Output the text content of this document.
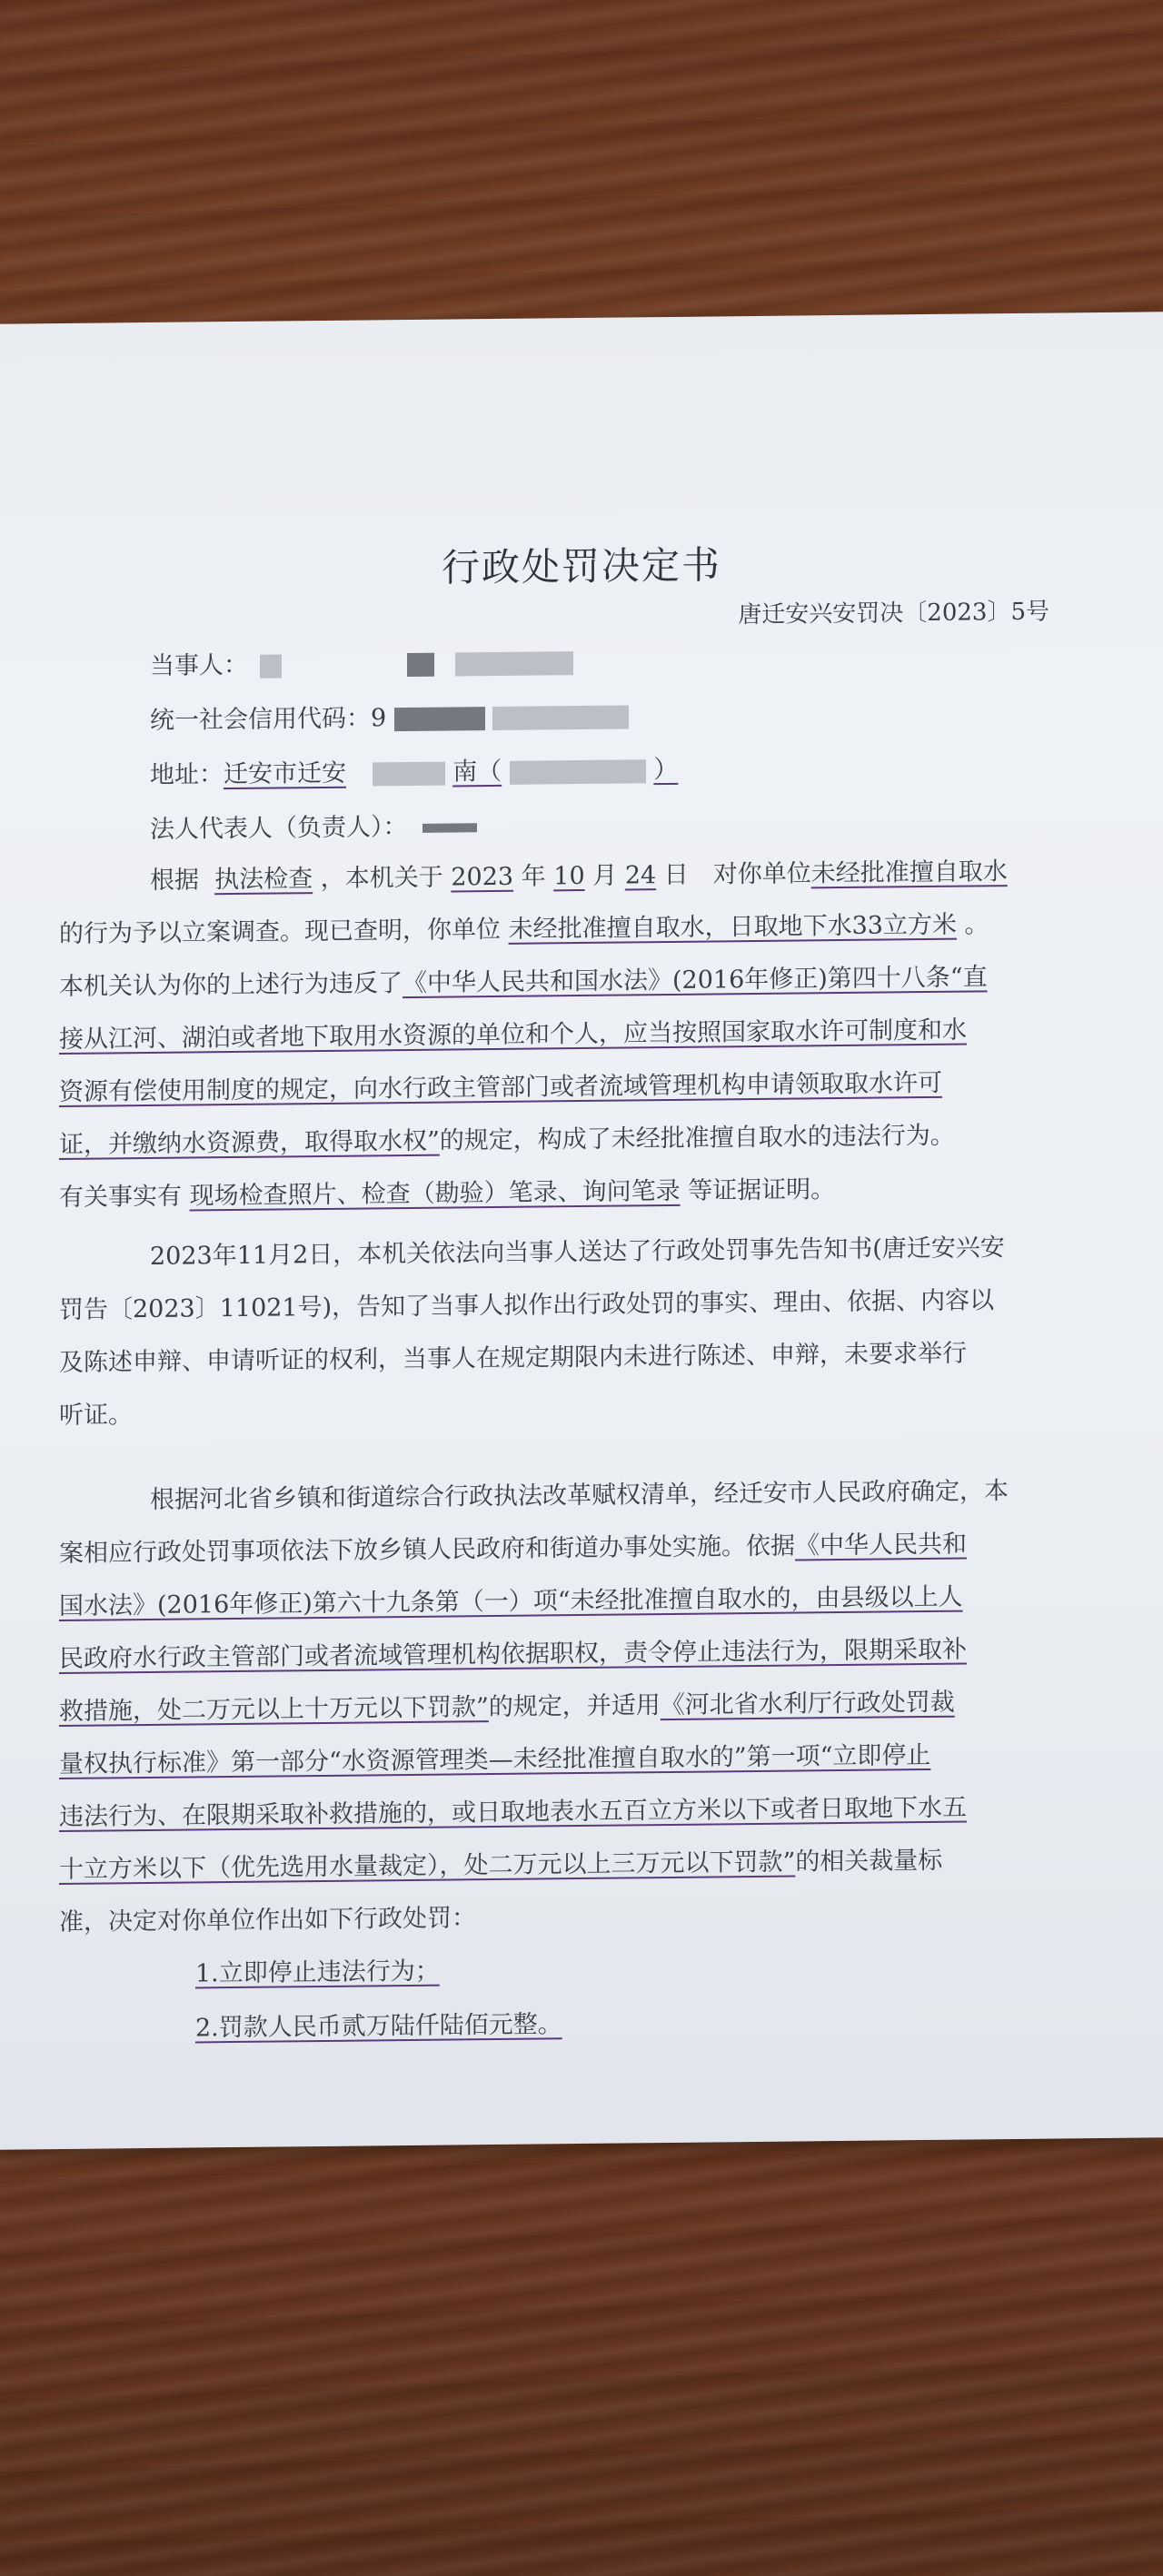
行政处罚决定书
唐迁安兴安罚决〔2023〕5号
当事人：
统一社会信用代码：9
地址：迁安市迁安	南（	）
法人代表人（负责人）：

根据 执法检查 ，本机关于 2023 年 10 月 24 日　对你单位未经批准擅自取水

的行为予以立案调查。现已查明，你单位 未经批准擅自取水，日取地下水33立方米 。

本机关认为你的上述行为违反了《中华人民共和国水法》(2016年修正)第四十八条“直

接从江河、湖泊或者地下取用水资源的单位和个人，应当按照国家取水许可制度和水

资源有偿使用制度的规定，向水行政主管部门或者流域管理机构申请领取取水许可

证，并缴纳水资源费，取得取水权”的规定，构成了未经批准擅自取水的违法行为。

有关事实有 现场检查照片、检查（勘验）笔录、询问笔录 等证据证明。

2023年11月2日，本机关依法向当事人送达了行政处罚事先告知书(唐迁安兴安

罚告〔2023〕11021号)，告知了当事人拟作出行政处罚的事实、理由、依据、内容以

及陈述申辩、申请听证的权利，当事人在规定期限内未进行陈述、申辩，未要求举行

听证。

根据河北省乡镇和街道综合行政执法改革赋权清单，经迁安市人民政府确定，本

案相应行政处罚事项依法下放乡镇人民政府和街道办事处实施。依据《中华人民共和

国水法》(2016年修正)第六十九条第（一）项“未经批准擅自取水的，由县级以上人

民政府水行政主管部门或者流域管理机构依据职权，责令停止违法行为，限期采取补

救措施，处二万元以上十万元以下罚款”的规定，并适用《河北省水利厅行政处罚裁

量权执行标准》第一部分“水资源管理类—未经批准擅自取水的”第一项“立即停止

违法行为、在限期采取补救措施的，或日取地表水五百立方米以下或者日取地下水五

十立方米以下（优先选用水量裁定），处二万元以上三万元以下罚款”的相关裁量标

准，决定对你单位作出如下行政处罚：

1.立即停止违法行为；
2.罚款人民币贰万陆仟陆佰元整。
